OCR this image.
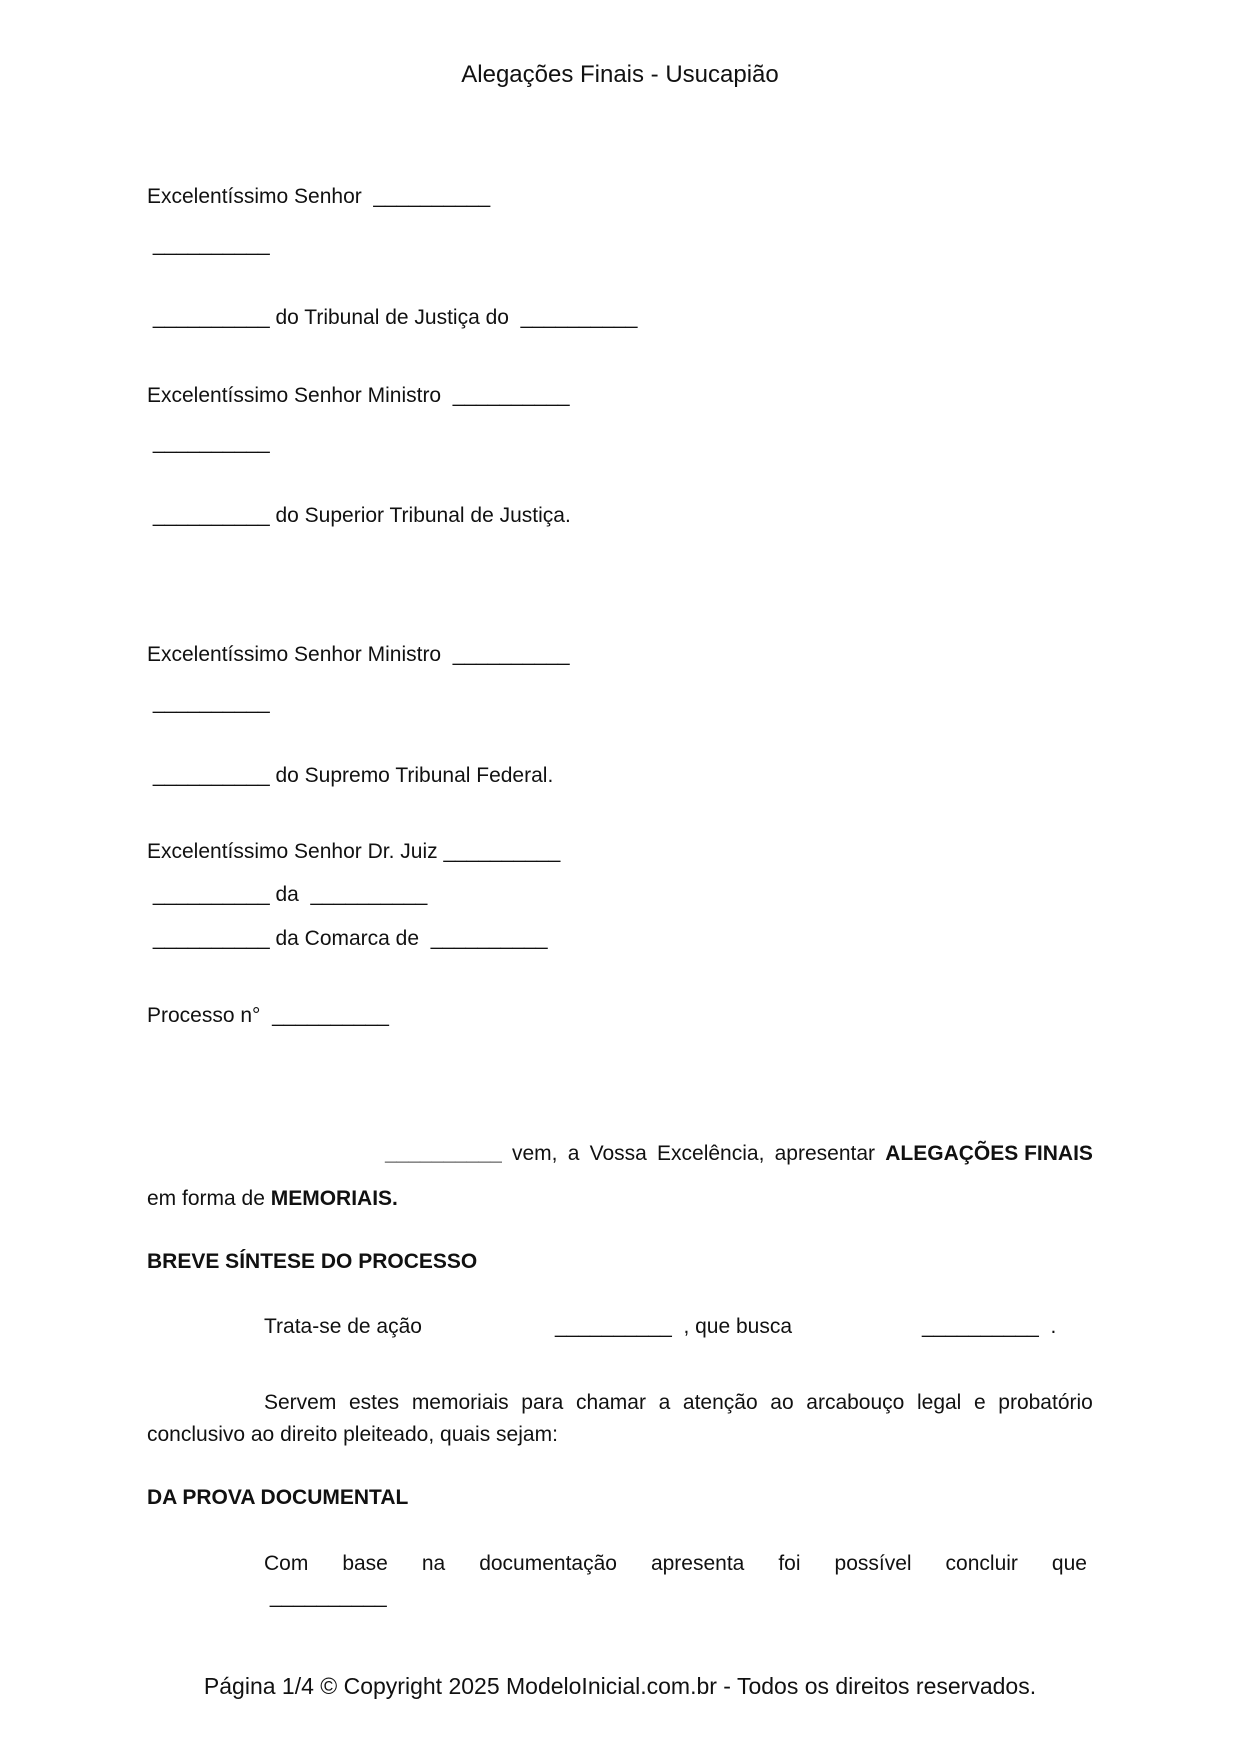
Alegações Finais - Usucapião
Excelentíssimo Senhor  __________
__________
__________ do Tribunal de Justiça do  __________
Excelentíssimo Senhor Ministro  __________
__________
__________ do Superior Tribunal de Justiça.
Excelentíssimo Senhor Ministro  __________
__________
__________ do Supremo Tribunal Federal.
Excelentíssimo Senhor Dr. Juiz __________
__________ da  __________
__________ da Comarca de  __________
Processo n°  __________
__________ vem, a Vossa Excelência, apresentar ALEGAÇÕES FINAIS
em forma de MEMORIAIS.
BREVE SÍNTESE DO PROCESSO
Trata-se de ação	__________  , que busca	__________  .
Servem estes memoriais para chamar a atenção ao arcabouço legal e probatório
conclusivo ao direito pleiteado, quais sejam:
DA PROVA DOCUMENTAL
Com base na documentação apresenta foi possível concluir que
__________
Página 1/4 © Copyright 2025 ModeloInicial.com.br - Todos os direitos reservados.
